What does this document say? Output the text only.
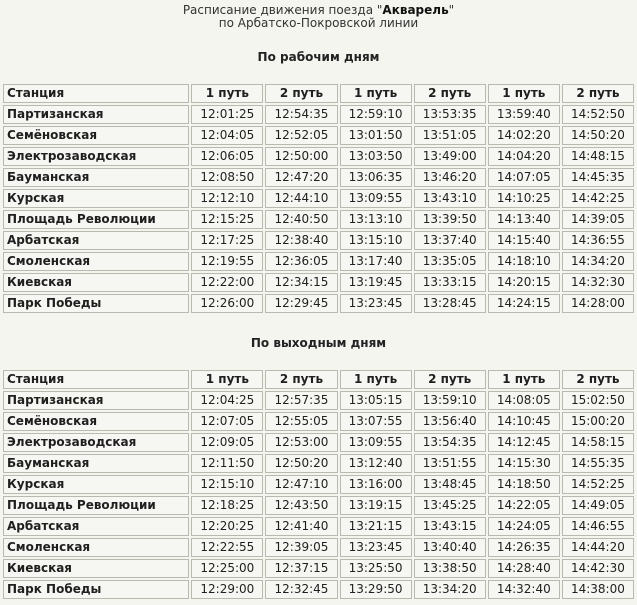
Расписание движения поезда "Акварель"
по Арбатско-Покровской линии
По рабочим дням
Станция	1 путь	2 путь	1 путь	2 путь	1 путь	2 путь
Партизанская	12:01:25	12:54:35	12:59:10	13:53:35	13:59:40	14:52:50
Семёновская	12:04:05	12:52:05	13:01:50	13:51:05	14:02:20	14:50:20
Электрозаводская	12:06:05	12:50:00	13:03:50	13:49:00	14:04:20	14:48:15
Бауманская	12:08:50	12:47:20	13:06:35	13:46:20	14:07:05	14:45:35
Курская	12:12:10	12:44:10	13:09:55	13:43:10	14:10:25	14:42:25
Площадь Революции	12:15:25	12:40:50	13:13:10	13:39:50	14:13:40	14:39:05
Арбатская	12:17:25	12:38:40	13:15:10	13:37:40	14:15:40	14:36:55
Смоленская	12:19:55	12:36:05	13:17:40	13:35:05	14:18:10	14:34:20
Киевская	12:22:00	12:34:15	13:19:45	13:33:15	14:20:15	14:32:30
Парк Победы	12:26:00	12:29:45	13:23:45	13:28:45	14:24:15	14:28:00
По выходным дням
Станция	1 путь	2 путь	1 путь	2 путь	1 путь	2 путь
Партизанская	12:04:25	12:57:35	13:05:15	13:59:10	14:08:05	15:02:50
Семёновская	12:07:05	12:55:05	13:07:55	13:56:40	14:10:45	15:00:20
Электрозаводская	12:09:05	12:53:00	13:09:55	13:54:35	14:12:45	14:58:15
Бауманская	12:11:50	12:50:20	13:12:40	13:51:55	14:15:30	14:55:35
Курская	12:15:10	12:47:10	13:16:00	13:48:45	14:18:50	14:52:25
Площадь Революции	12:18:25	12:43:50	13:19:15	13:45:25	14:22:05	14:49:05
Арбатская	12:20:25	12:41:40	13:21:15	13:43:15	14:24:05	14:46:55
Смоленская	12:22:55	12:39:05	13:23:45	13:40:40	14:26:35	14:44:20
Киевская	12:25:00	12:37:15	13:25:50	13:38:50	14:28:40	14:42:30
Парк Победы	12:29:00	12:32:45	13:29:50	13:34:20	14:32:40	14:38:00
